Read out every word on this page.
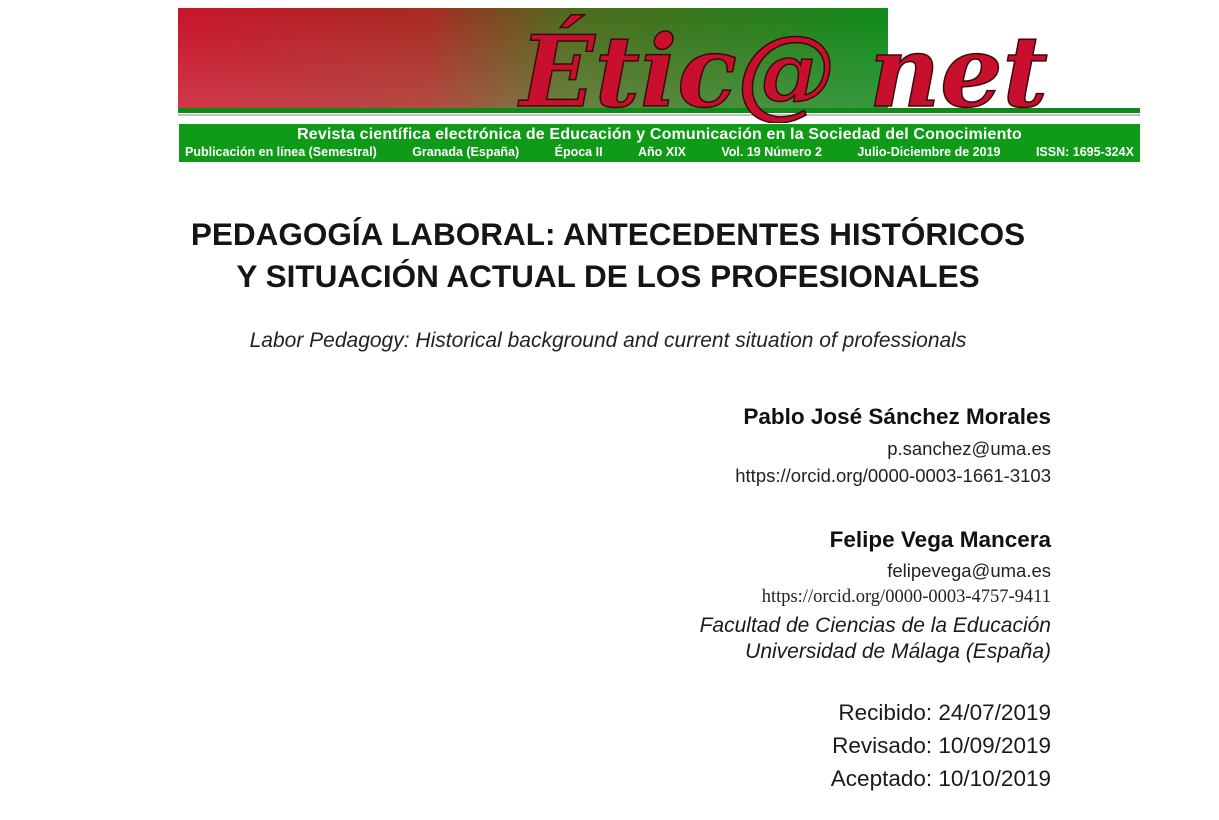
Étic@ net
Revista científica electrónica de Educación y Comunicación en la Sociedad del Conocimiento
Publicación en línea (Semestral)	Granada (España)	Época II	Año XIX	Vol. 19 Número 2	Julio-Diciembre de 2019	ISSN: 1695-324X
PEDAGOGÍA LABORAL: ANTECEDENTES HISTÓRICOS
Y SITUACIÓN ACTUAL DE LOS PROFESIONALES
Labor Pedagogy: Historical background and current situation of professionals
Pablo José Sánchez Morales
p.sanchez@uma.es
https://orcid.org/0000-0003-1661-3103
Felipe Vega Mancera
felipevega@uma.es
https://orcid.org/0000-0003-4757-9411
Facultad de Ciencias de la Educación
Universidad de Málaga (España)
Recibido: 24/07/2019
Revisado: 10/09/2019
Aceptado: 10/10/2019
